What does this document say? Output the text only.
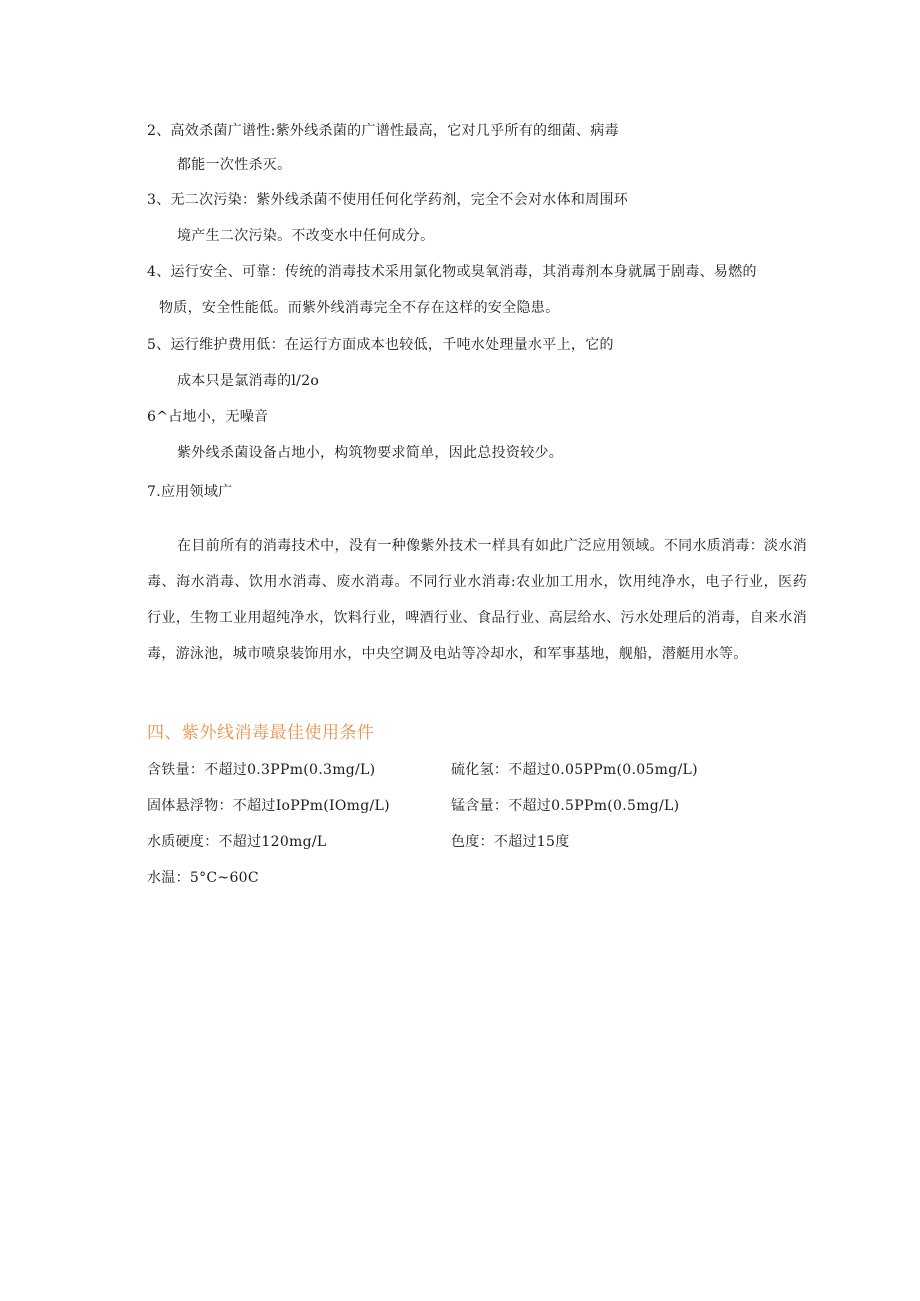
2、高效杀菌广谱性:紫外线杀菌的广谱性最高，它对几乎所有的细菌、病毒
都能一次性杀灭。
3、无二次污染：紫外线杀菌不使用任何化学药剂，完全不会对水体和周围环
境产生二次污染。不改变水中任何成分。
4、运行安全、可靠：传统的消毒技术采用氯化物或臭氧消毒，其消毒剂本身就属于剧毒、易燃的
物质，安全性能低。而紫外线消毒完全不存在这样的安全隐患。
5、运行维护费用低：在运行方面成本也较低，千吨水处理量水平上，它的
成本只是氯消毒的l/2o
6^占地小，无噪音
紫外线杀菌设备占地小，构筑物要求简单，因此总投资较少。
7.应用领域广
在目前所有的消毒技术中，没有一种像紫外技术一样具有如此广泛应用领域。不同水质消毒：淡水消毒、海水消毒、饮用水消毒、废水消毒。不同行业水消毒:农业加工用水，饮用纯净水，电子行业，医药行业，生物工业用超纯净水，饮料行业，啤酒行业、食品行业、高层给水、污水处理后的消毒，自来水消毒，游泳池，城市喷泉装饰用水，中央空调及电站等冷却水，和军事基地，舰船，潜艇用水等。
四、紫外线消毒最佳使用条件
含铁量：不超过0.3PPm(0.3mg/L)	硫化氢：不超过0.05PPm(0.05mg/L)
固体悬浮物：不超过IoPPm(IOmg/L)	锰含量：不超过0.5PPm(0.5mg/L)
水质硬度：不超过120mg/L	色度：不超过15度
水温：5°C~60C
